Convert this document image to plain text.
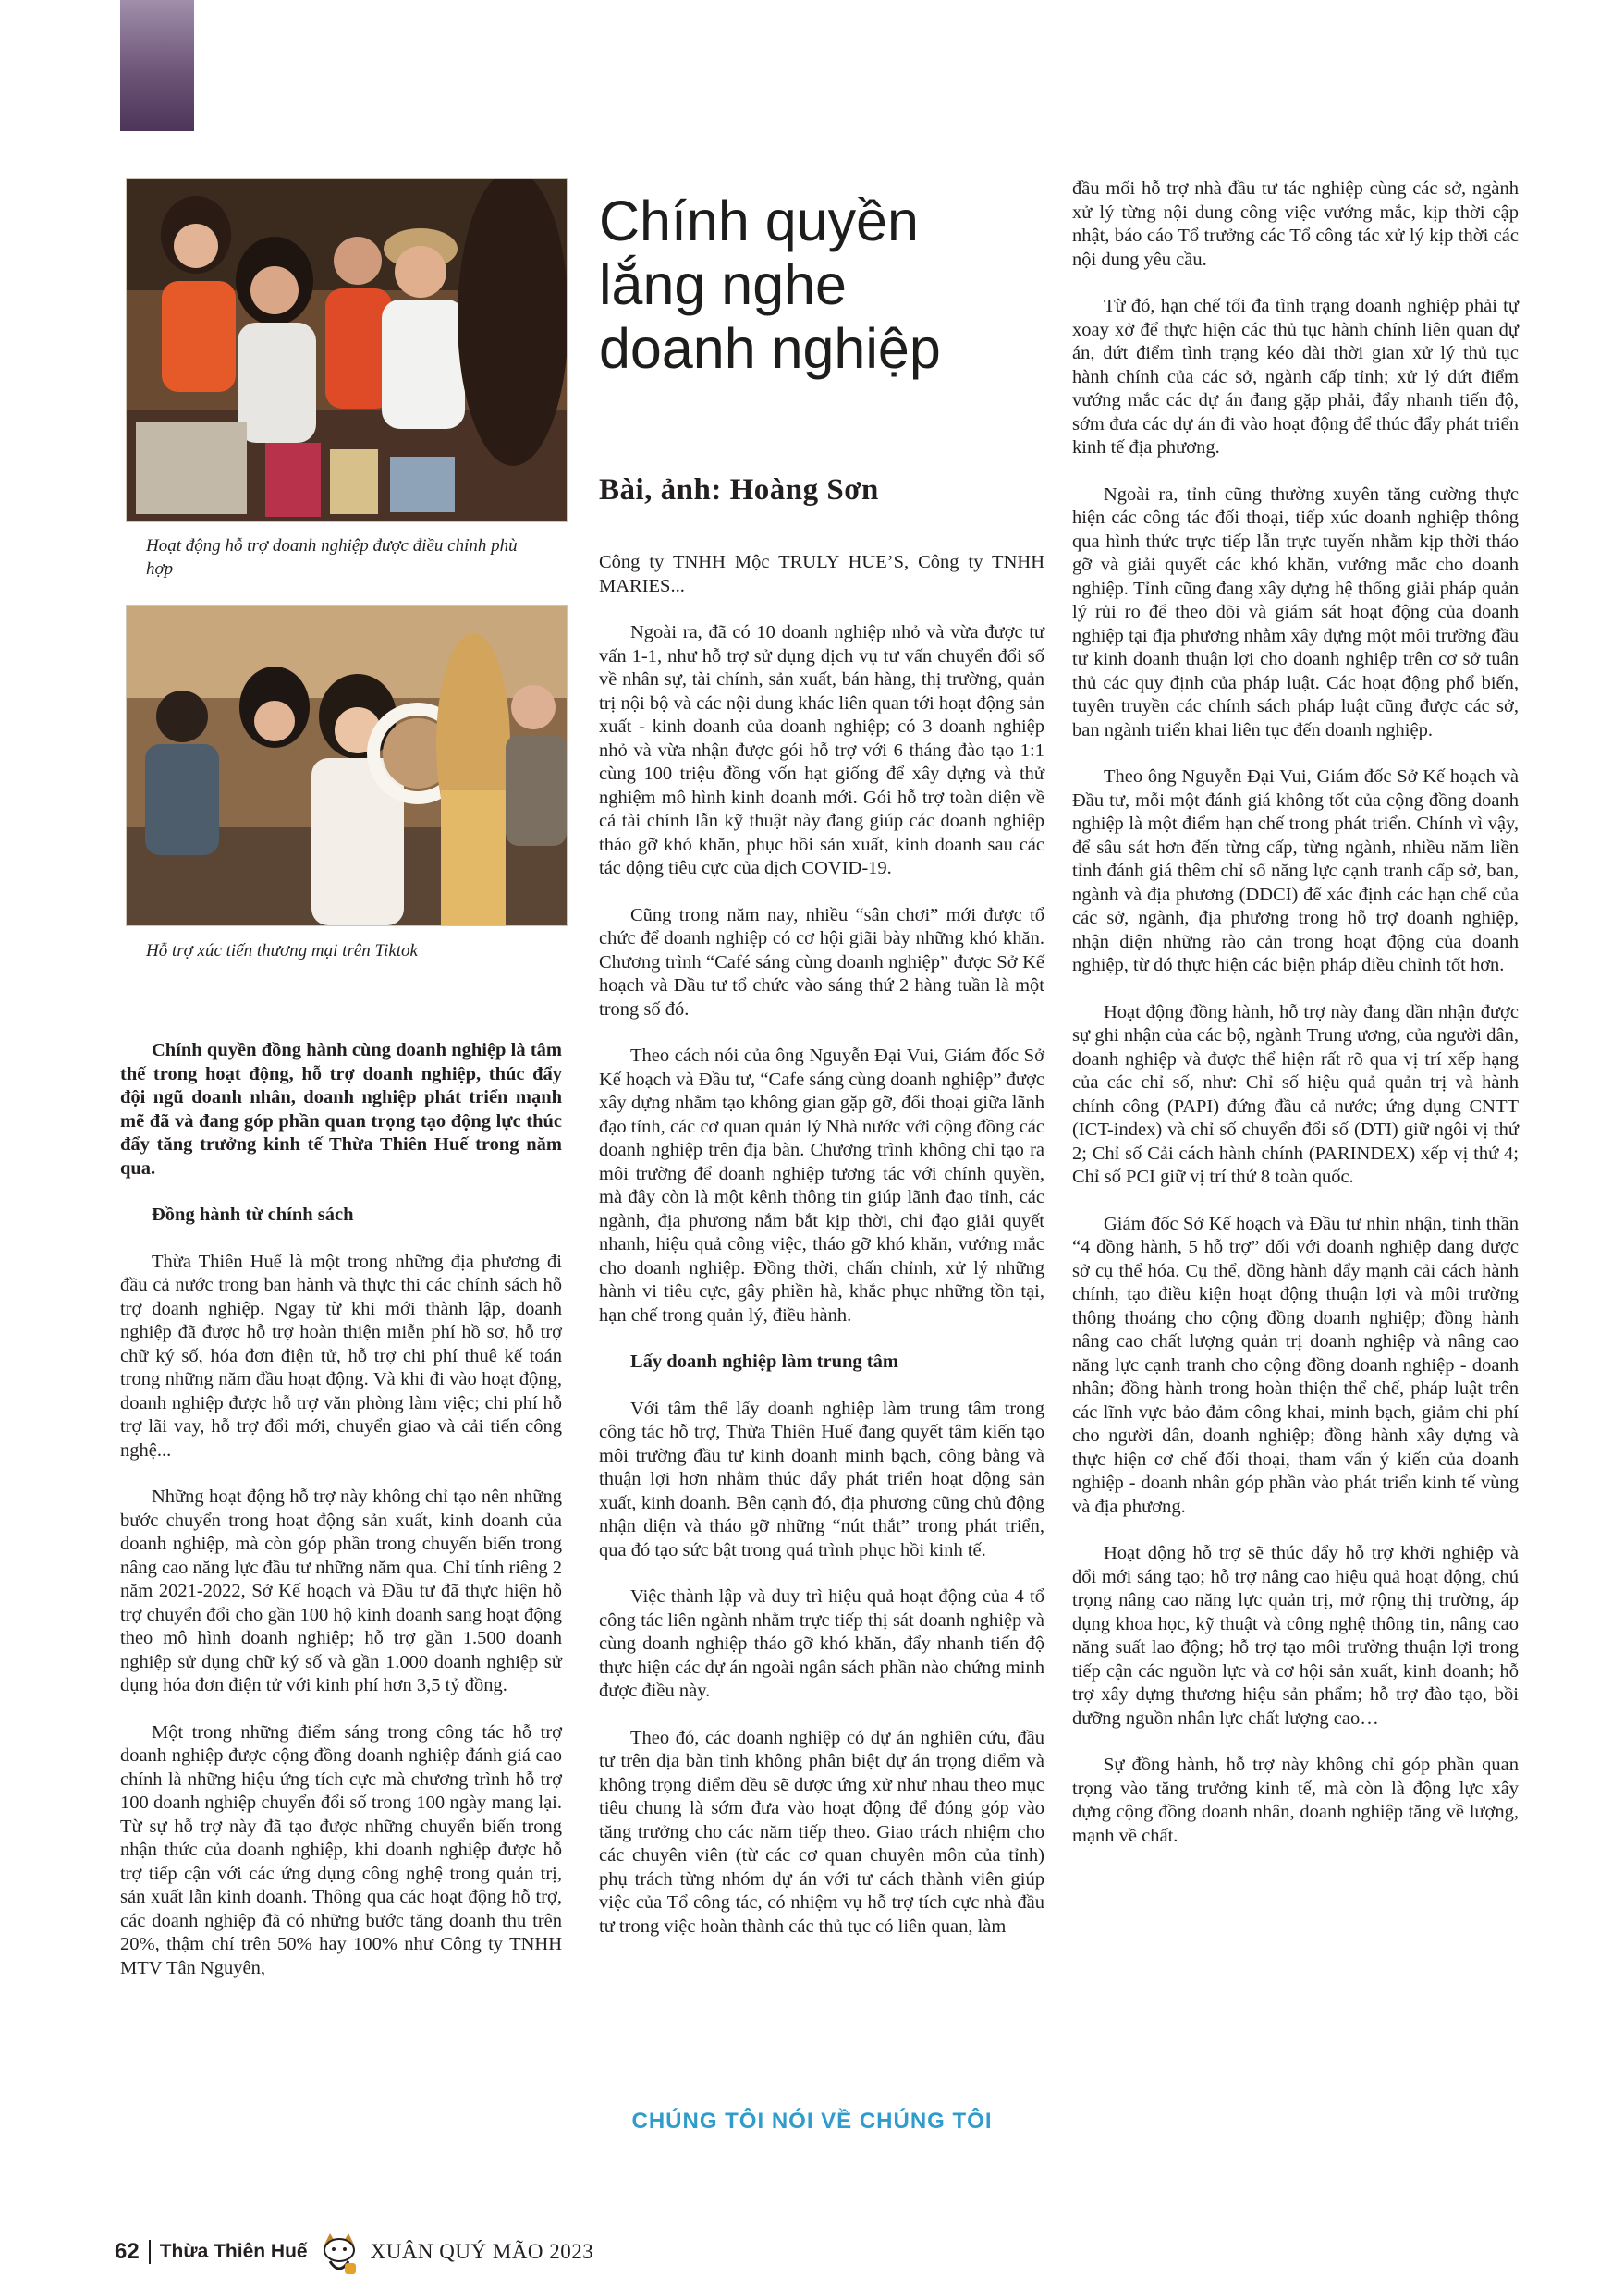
Hoạt động hỗ trợ doanh nghiệp được điều chỉnh phù hợp

Hỗ trợ xúc tiến thương mại trên Tiktok

Chính quyền lắng nghe doanh nghiệp

Bài, ảnh: Hoàng Sơn

Chính quyền đồng hành cùng doanh nghiệp là tâm thế trong hoạt động, hỗ trợ doanh nghiệp, thúc đẩy đội ngũ doanh nhân, doanh nghiệp phát triển mạnh mẽ đã và đang góp phần quan trọng tạo động lực thúc đẩy tăng trưởng kinh tế Thừa Thiên Huế trong năm qua.

Đồng hành từ chính sách

Thừa Thiên Huế là một trong những địa phương đi đầu cả nước trong ban hành và thực thi các chính sách hỗ trợ doanh nghiệp. Ngay từ khi mới thành lập, doanh nghiệp đã được hỗ trợ hoàn thiện miễn phí hồ sơ, hỗ trợ chữ ký số, hóa đơn điện tử, hỗ trợ chi phí thuê kế toán trong những năm đầu hoạt động. Và khi đi vào hoạt động, doanh nghiệp được hỗ trợ văn phòng làm việc; chi phí hỗ trợ lãi vay, hỗ trợ đổi mới, chuyển giao và cải tiến công nghệ...

Những hoạt động hỗ trợ này không chỉ tạo nên những bước chuyển trong hoạt động sản xuất, kinh doanh của doanh nghiệp, mà còn góp phần trong chuyển biến trong nâng cao năng lực đầu tư những năm qua. Chỉ tính riêng 2 năm 2021-2022, Sở Kế hoạch và Đầu tư đã thực hiện hỗ trợ chuyển đổi cho gần 100 hộ kinh doanh sang hoạt động theo mô hình doanh nghiệp; hỗ trợ gần 1.500 doanh nghiệp sử dụng chữ ký số và gần 1.000 doanh nghiệp sử dụng hóa đơn điện tử với kinh phí hơn 3,5 tỷ đồng.

Một trong những điểm sáng trong công tác hỗ trợ doanh nghiệp được cộng đồng doanh nghiệp đánh giá cao chính là những hiệu ứng tích cực mà chương trình hỗ trợ 100 doanh nghiệp chuyển đổi số trong 100 ngày mang lại. Từ sự hỗ trợ này đã tạo được những chuyển biến trong nhận thức của doanh nghiệp, khi doanh nghiệp được hỗ trợ tiếp cận với các ứng dụng công nghệ trong quản trị, sản xuất lẫn kinh doanh. Thông qua các hoạt động hỗ trợ, các doanh nghiệp đã có những bước tăng doanh thu trên 20%, thậm chí trên 50% hay 100% như Công ty TNHH MTV Tân Nguyên,

Công ty TNHH Mộc TRULY HUE’S, Công ty TNHH MARIES...

Ngoài ra, đã có 10 doanh nghiệp nhỏ và vừa được tư vấn 1-1, như hỗ trợ sử dụng dịch vụ tư vấn chuyển đổi số về nhân sự, tài chính, sản xuất, bán hàng, thị trường, quản trị nội bộ và các nội dung khác liên quan tới hoạt động sản xuất - kinh doanh của doanh nghiệp; có 3 doanh nghiệp nhỏ và vừa nhận được gói hỗ trợ với 6 tháng đào tạo 1:1 cùng 100 triệu đồng vốn hạt giống để xây dựng và thử nghiệm mô hình kinh doanh mới. Gói hỗ trợ toàn diện về cả tài chính lẫn kỹ thuật này đang giúp các doanh nghiệp tháo gỡ khó khăn, phục hồi sản xuất, kinh doanh sau các tác động tiêu cực của dịch COVID-19.

Cũng trong năm nay, nhiều “sân chơi” mới được tổ chức để doanh nghiệp có cơ hội giãi bày những khó khăn. Chương trình “Café sáng cùng doanh nghiệp” được Sở Kế hoạch và Đầu tư tổ chức vào sáng thứ 2 hàng tuần là một trong số đó.

Theo cách nói của ông Nguyễn Đại Vui, Giám đốc Sở Kế hoạch và Đầu tư, “Cafe sáng cùng doanh nghiệp” được xây dựng nhằm tạo không gian gặp gỡ, đối thoại giữa lãnh đạo tỉnh, các cơ quan quản lý Nhà nước với cộng đồng các doanh nghiệp trên địa bàn. Chương trình không chỉ tạo ra môi trường để doanh nghiệp tương tác với chính quyền, mà đây còn là một kênh thông tin giúp lãnh đạo tỉnh, các ngành, địa phương nắm bắt kịp thời, chỉ đạo giải quyết nhanh, hiệu quả công việc, tháo gỡ khó khăn, vướng mắc cho doanh nghiệp. Đồng thời, chấn chỉnh, xử lý những hành vi tiêu cực, gây phiền hà, khắc phục những tồn tại, hạn chế trong quản lý, điều hành.

Lấy doanh nghiệp làm trung tâm

Với tâm thế lấy doanh nghiệp làm trung tâm trong công tác hỗ trợ, Thừa Thiên Huế đang quyết tâm kiến tạo môi trường đầu tư kinh doanh minh bạch, công bằng và thuận lợi hơn nhằm thúc đẩy phát triển hoạt động sản xuất, kinh doanh. Bên cạnh đó, địa phương cũng chủ động nhận diện và tháo gỡ những “nút thắt” trong phát triển, qua đó tạo sức bật trong quá trình phục hồi kinh tế.

Việc thành lập và duy trì hiệu quả hoạt động của 4 tổ công tác liên ngành nhằm trực tiếp thị sát doanh nghiệp và cùng doanh nghiệp tháo gỡ khó khăn, đẩy nhanh tiến độ thực hiện các dự án ngoài ngân sách phần nào chứng minh được điều này.

Theo đó, các doanh nghiệp có dự án nghiên cứu, đầu tư trên địa bàn tỉnh không phân biệt dự án trọng điểm và không trọng điểm đều sẽ được ứng xử như nhau theo mục tiêu chung là sớm đưa vào hoạt động để đóng góp vào tăng trưởng cho các năm tiếp theo. Giao trách nhiệm cho các chuyên viên (từ các cơ quan chuyên môn của tỉnh) phụ trách từng nhóm dự án với tư cách thành viên giúp việc của Tổ công tác, có nhiệm vụ hỗ trợ tích cực nhà đầu tư trong việc hoàn thành các thủ tục có liên quan, làm

đầu mối hỗ trợ nhà đầu tư tác nghiệp cùng các sở, ngành xử lý từng nội dung công việc vướng mắc, kịp thời cập nhật, báo cáo Tổ trưởng các Tổ công tác xử lý kịp thời các nội dung yêu cầu.

Từ đó, hạn chế tối đa tình trạng doanh nghiệp phải tự xoay xở để thực hiện các thủ tục hành chính liên quan dự án, dứt điểm tình trạng kéo dài thời gian xử lý thủ tục hành chính của các sở, ngành cấp tỉnh; xử lý dứt điểm vướng mắc các dự án đang gặp phải, đẩy nhanh tiến độ, sớm đưa các dự án đi vào hoạt động để thúc đẩy phát triển kinh tế địa phương.

Ngoài ra, tỉnh cũng thường xuyên tăng cường thực hiện các công tác đối thoại, tiếp xúc doanh nghiệp thông qua hình thức trực tiếp lẫn trực tuyến nhằm kịp thời tháo gỡ và giải quyết các khó khăn, vướng mắc cho doanh nghiệp. Tỉnh cũng đang xây dựng hệ thống giải pháp quản lý rủi ro để theo dõi và giám sát hoạt động của doanh nghiệp tại địa phương nhằm xây dựng một môi trường đầu tư kinh doanh thuận lợi cho doanh nghiệp trên cơ sở tuân thủ các quy định của pháp luật. Các hoạt động phổ biến, tuyên truyền các chính sách pháp luật cũng được các sở, ban ngành triển khai liên tục đến doanh nghiệp.

Theo ông Nguyễn Đại Vui, Giám đốc Sở Kế hoạch và Đầu tư, mỗi một đánh giá không tốt của cộng đồng doanh nghiệp là một điểm hạn chế trong phát triển. Chính vì vậy, để sâu sát hơn đến từng cấp, từng ngành, nhiều năm liền tỉnh đánh giá thêm chỉ số năng lực cạnh tranh cấp sở, ban, ngành và địa phương (DDCI) để xác định các hạn chế của các sở, ngành, địa phương trong hỗ trợ doanh nghiệp, nhận diện những rào cản trong hoạt động của doanh nghiệp, từ đó thực hiện các biện pháp điều chỉnh tốt hơn.

Hoạt động đồng hành, hỗ trợ này đang dần nhận được sự ghi nhận của các bộ, ngành Trung ương, của người dân, doanh nghiệp và được thể hiện rất rõ qua vị trí xếp hạng của các chỉ số, như: Chỉ số hiệu quả quản trị và hành chính công (PAPI) đứng đầu cả nước; ứng dụng CNTT (ICT-index) và chỉ số chuyển đổi số (DTI) giữ ngôi vị thứ 2; Chỉ số Cải cách hành chính (PARINDEX) xếp vị thứ 4; Chỉ số PCI giữ vị trí thứ 8 toàn quốc.

Giám đốc Sở Kế hoạch và Đầu tư nhìn nhận, tinh thần “4 đồng hành, 5 hỗ trợ” đối với doanh nghiệp đang được sở cụ thể hóa. Cụ thể, đồng hành đẩy mạnh cải cách hành chính, tạo điều kiện hoạt động thuận lợi và môi trường thông thoáng cho cộng đồng doanh nghiệp; đồng hành nâng cao chất lượng quản trị doanh nghiệp và nâng cao năng lực cạnh tranh cho cộng đồng doanh nghiệp - doanh nhân; đồng hành trong hoàn thiện thể chế, pháp luật trên các lĩnh vực bảo đảm công khai, minh bạch, giảm chi phí cho người dân, doanh nghiệp; đồng hành xây dựng và thực hiện cơ chế đối thoại, tham vấn ý kiến của doanh nghiệp - doanh nhân góp phần vào phát triển kinh tế vùng và địa phương.

Hoạt động hỗ trợ sẽ thúc đẩy hỗ trợ khởi nghiệp và đổi mới sáng tạo; hỗ trợ nâng cao hiệu quả hoạt động, chú trọng nâng cao năng lực quản trị, mở rộng thị trường, áp dụng khoa học, kỹ thuật và công nghệ thông tin, nâng cao năng suất lao động; hỗ trợ tạo môi trường thuận lợi trong tiếp cận các nguồn lực và cơ hội sản xuất, kinh doanh; hỗ trợ xây dựng thương hiệu sản phẩm; hỗ trợ đào tạo, bồi dưỡng nguồn nhân lực chất lượng cao…

Sự đồng hành, hỗ trợ này không chỉ góp phần quan trọng vào tăng trưởng kinh tế, mà còn là động lực xây dựng cộng đồng doanh nhân, doanh nghiệp tăng về lượng, mạnh về chất.

CHÚNG TÔI NÓI VỀ CHÚNG TÔI
62 Thừa Thiên Huế	XUÂN QUÝ MÃO 2023
